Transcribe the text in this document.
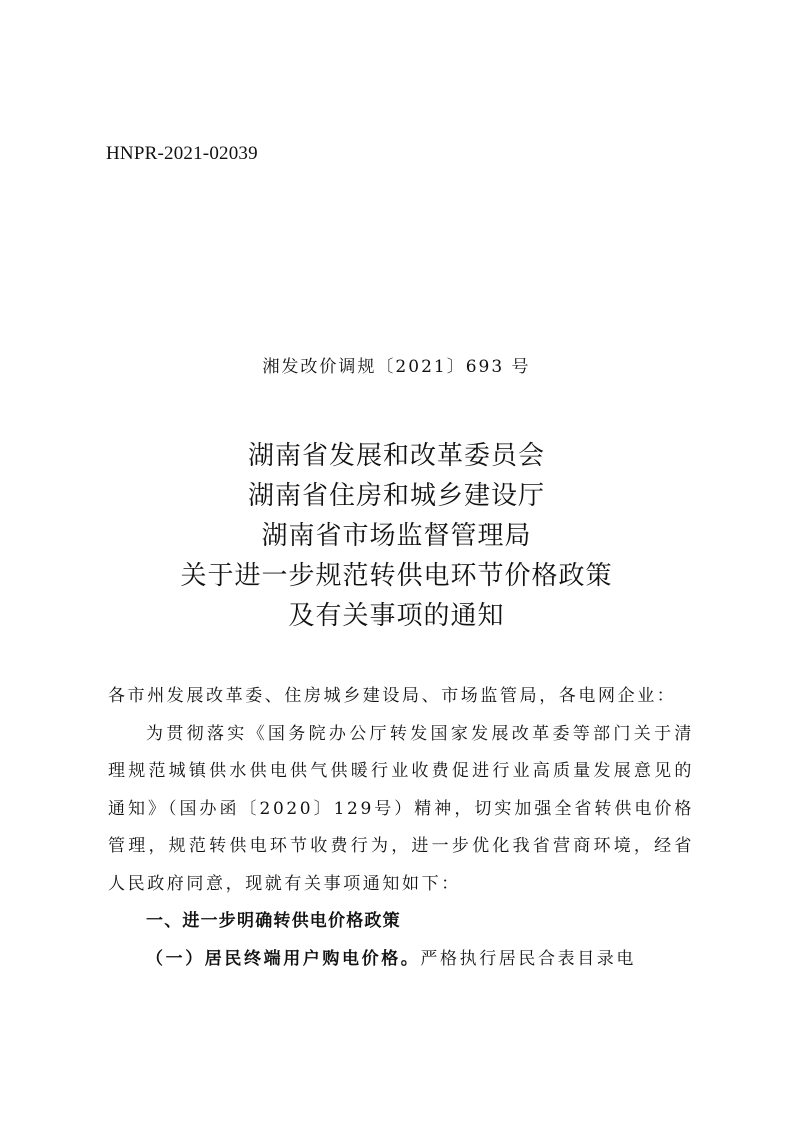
HNPR-2021-02039
湘发改价调规〔2021〕693 号
湖南省发展和改革委员会
湖南省住房和城乡建设厅
湖南省市场监督管理局
关于进一步规范转供电环节价格政策
及有关事项的通知

各市州发展改革委、住房城乡建设局、市场监管局，各电网企业：

为贯彻落实《国务院办公厅转发国家发展改革委等部门关于清理规范城镇供水供电供气供暖行业收费促进行业高质量发展意见的通知》（国办函〔2020〕129号）精神，切实加强全省转供电价格管理，规范转供电环节收费行为，进一步优化我省营商环境，经省人民政府同意，现就有关事项通知如下：

一、进一步明确转供电价格政策

（一）居民终端用户购电价格。严格执行居民合表目录电
